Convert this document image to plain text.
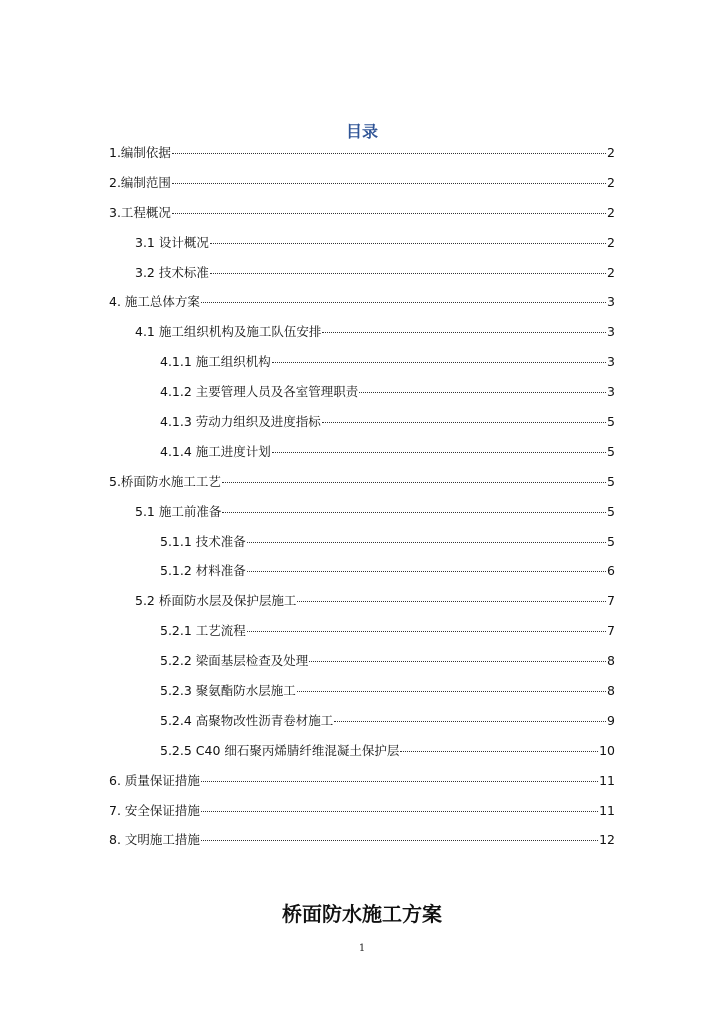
目录
1.编制依据	2
2.编制范围	2
3.工程概况	2
3.1 设计概况	2
3.2 技术标准	2
4. 施工总体方案	3
4.1 施工组织机构及施工队伍安排	3
4.1.1 施工组织机构	3
4.1.2 主要管理人员及各室管理职责	3
4.1.3 劳动力组织及进度指标	5
4.1.4 施工进度计划	5
5.桥面防水施工工艺	5
5.1 施工前准备	5
5.1.1 技术准备	5
5.1.2 材料准备	6
5.2 桥面防水层及保护层施工	7
5.2.1 工艺流程	7
5.2.2 梁面基层检查及处理	8
5.2.3 聚氨酯防水层施工	8
5.2.4 高聚物改性沥青卷材施工	9
5.2.5 C40 细石聚丙烯腈纤维混凝土保护层	10
6. 质量保证措施	11
7. 安全保证措施	11
8. 文明施工措施	12
桥面防水施工方案
1
